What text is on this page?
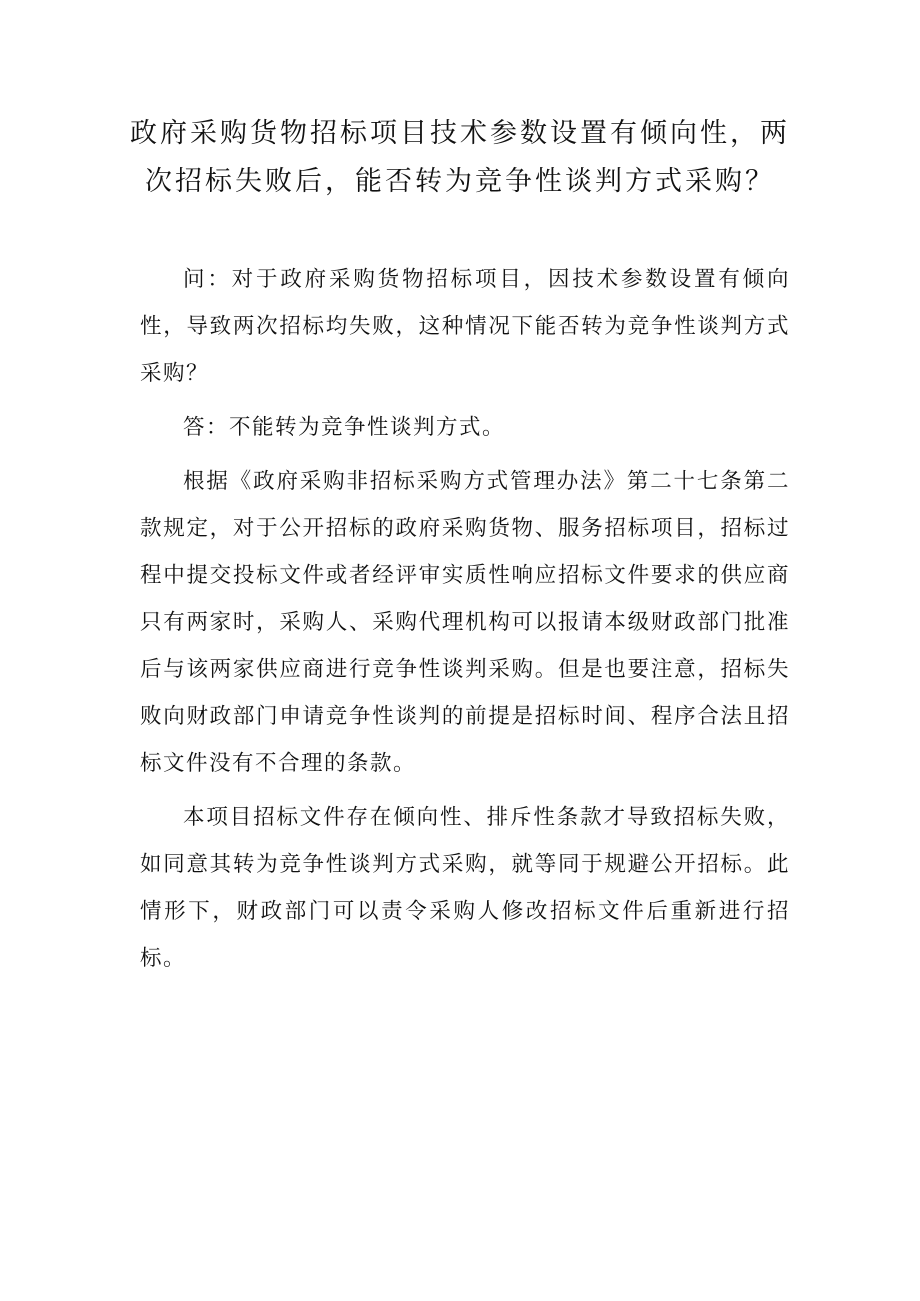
政府采购货物招标项目技术参数设置有倾向性，两次招标失败后，能否转为竞争性谈判方式采购？

问：对于政府采购货物招标项目，因技术参数设置有倾向性，导致两次招标均失败，这种情况下能否转为竞争性谈判方式采购？

答：不能转为竞争性谈判方式。

根据《政府采购非招标采购方式管理办法》第二十七条第二款规定，对于公开招标的政府采购货物、服务招标项目，招标过程中提交投标文件或者经评审实质性响应招标文件要求的供应商只有两家时，采购人、采购代理机构可以报请本级财政部门批准后与该两家供应商进行竞争性谈判采购。但是也要注意，招标失败向财政部门申请竞争性谈判的前提是招标时间、程序合法且招标文件没有不合理的条款。

本项目招标文件存在倾向性、排斥性条款才导致招标失败，如同意其转为竞争性谈判方式采购，就等同于规避公开招标。此情形下，财政部门可以责令采购人修改招标文件后重新进行招标。
